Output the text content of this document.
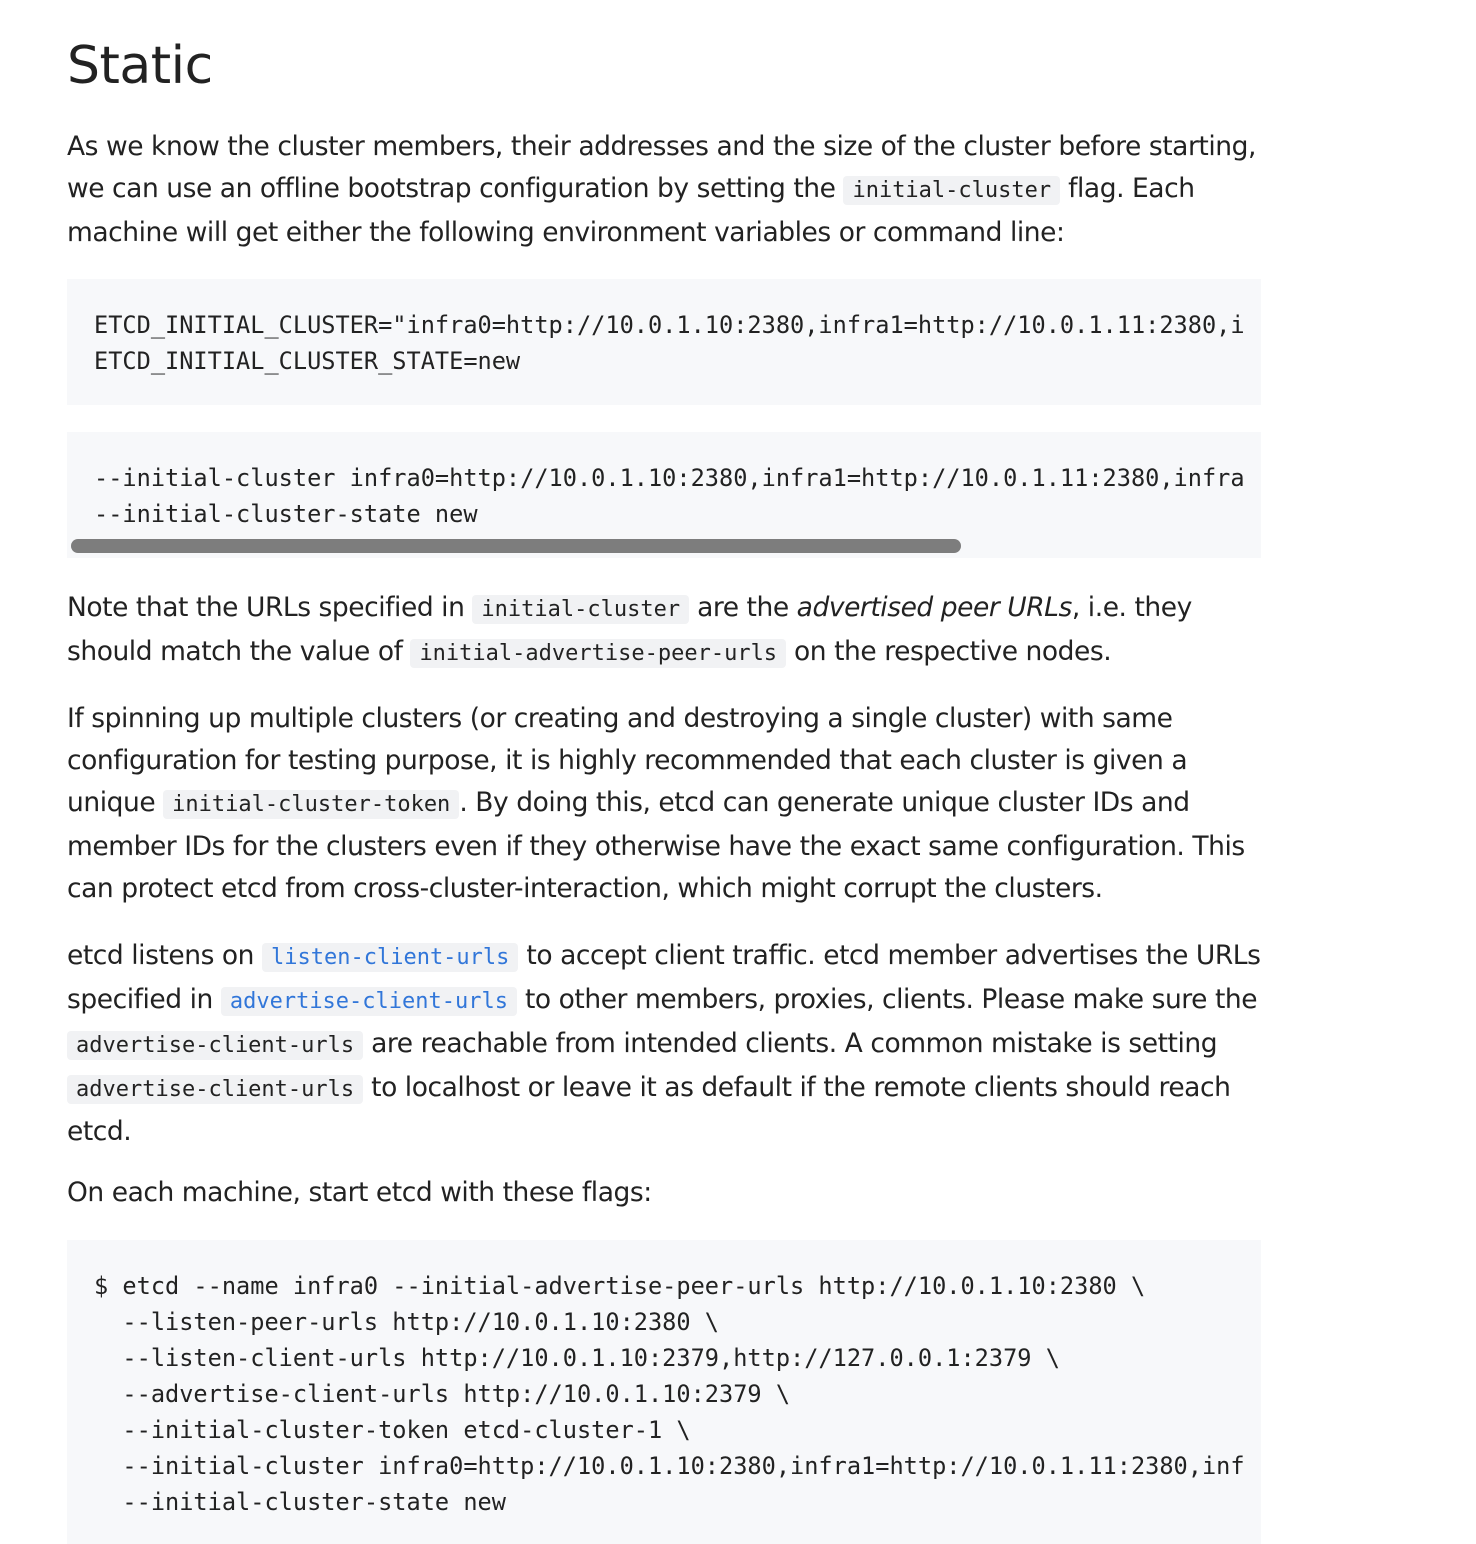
Static

As we know the cluster members, their addresses and the size of the cluster before starting, we can use an offline bootstrap configuration by setting the initial-cluster flag. Each machine will get either the following environment variables or command line:

ETCD_INITIAL_CLUSTER="infra0=http://10.0.1.10:2380,infra1=http://10.0.1.11:2380,i
ETCD_INITIAL_CLUSTER_STATE=new
--initial-cluster infra0=http://10.0.1.10:2380,infra1=http://10.0.1.11:2380,infra
--initial-cluster-state new

Note that the URLs specified in initial-cluster are the advertised peer URLs, i.e. they should match the value of initial-advertise-peer-urls on the respective nodes.

If spinning up multiple clusters (or creating and destroying a single cluster) with same configuration for testing purpose, it is highly recommended that each cluster is given a unique initial-cluster-token . By doing this, etcd can generate unique cluster IDs and member IDs for the clusters even if they otherwise have the exact same configuration. This can protect etcd from cross-cluster-interaction, which might corrupt the clusters.

etcd listens on listen-client-urls to accept client traffic. etcd member advertises the URLs specified in advertise-client-urls to other members, proxies, clients. Please make sure the advertise-client-urls are reachable from intended clients. A common mistake is setting advertise-client-urls to localhost or leave it as default if the remote clients should reach etcd.

On each machine, start etcd with these flags:

$ etcd --name infra0 --initial-advertise-peer-urls http://10.0.1.10:2380 \
--listen-peer-urls http://10.0.1.10:2380 \
--listen-client-urls http://10.0.1.10:2379,http://127.0.0.1:2379 \
--advertise-client-urls http://10.0.1.10:2379 \
--initial-cluster-token etcd-cluster-1 \
--initial-cluster infra0=http://10.0.1.10:2380,infra1=http://10.0.1.11:2380,inf
--initial-cluster-state new
